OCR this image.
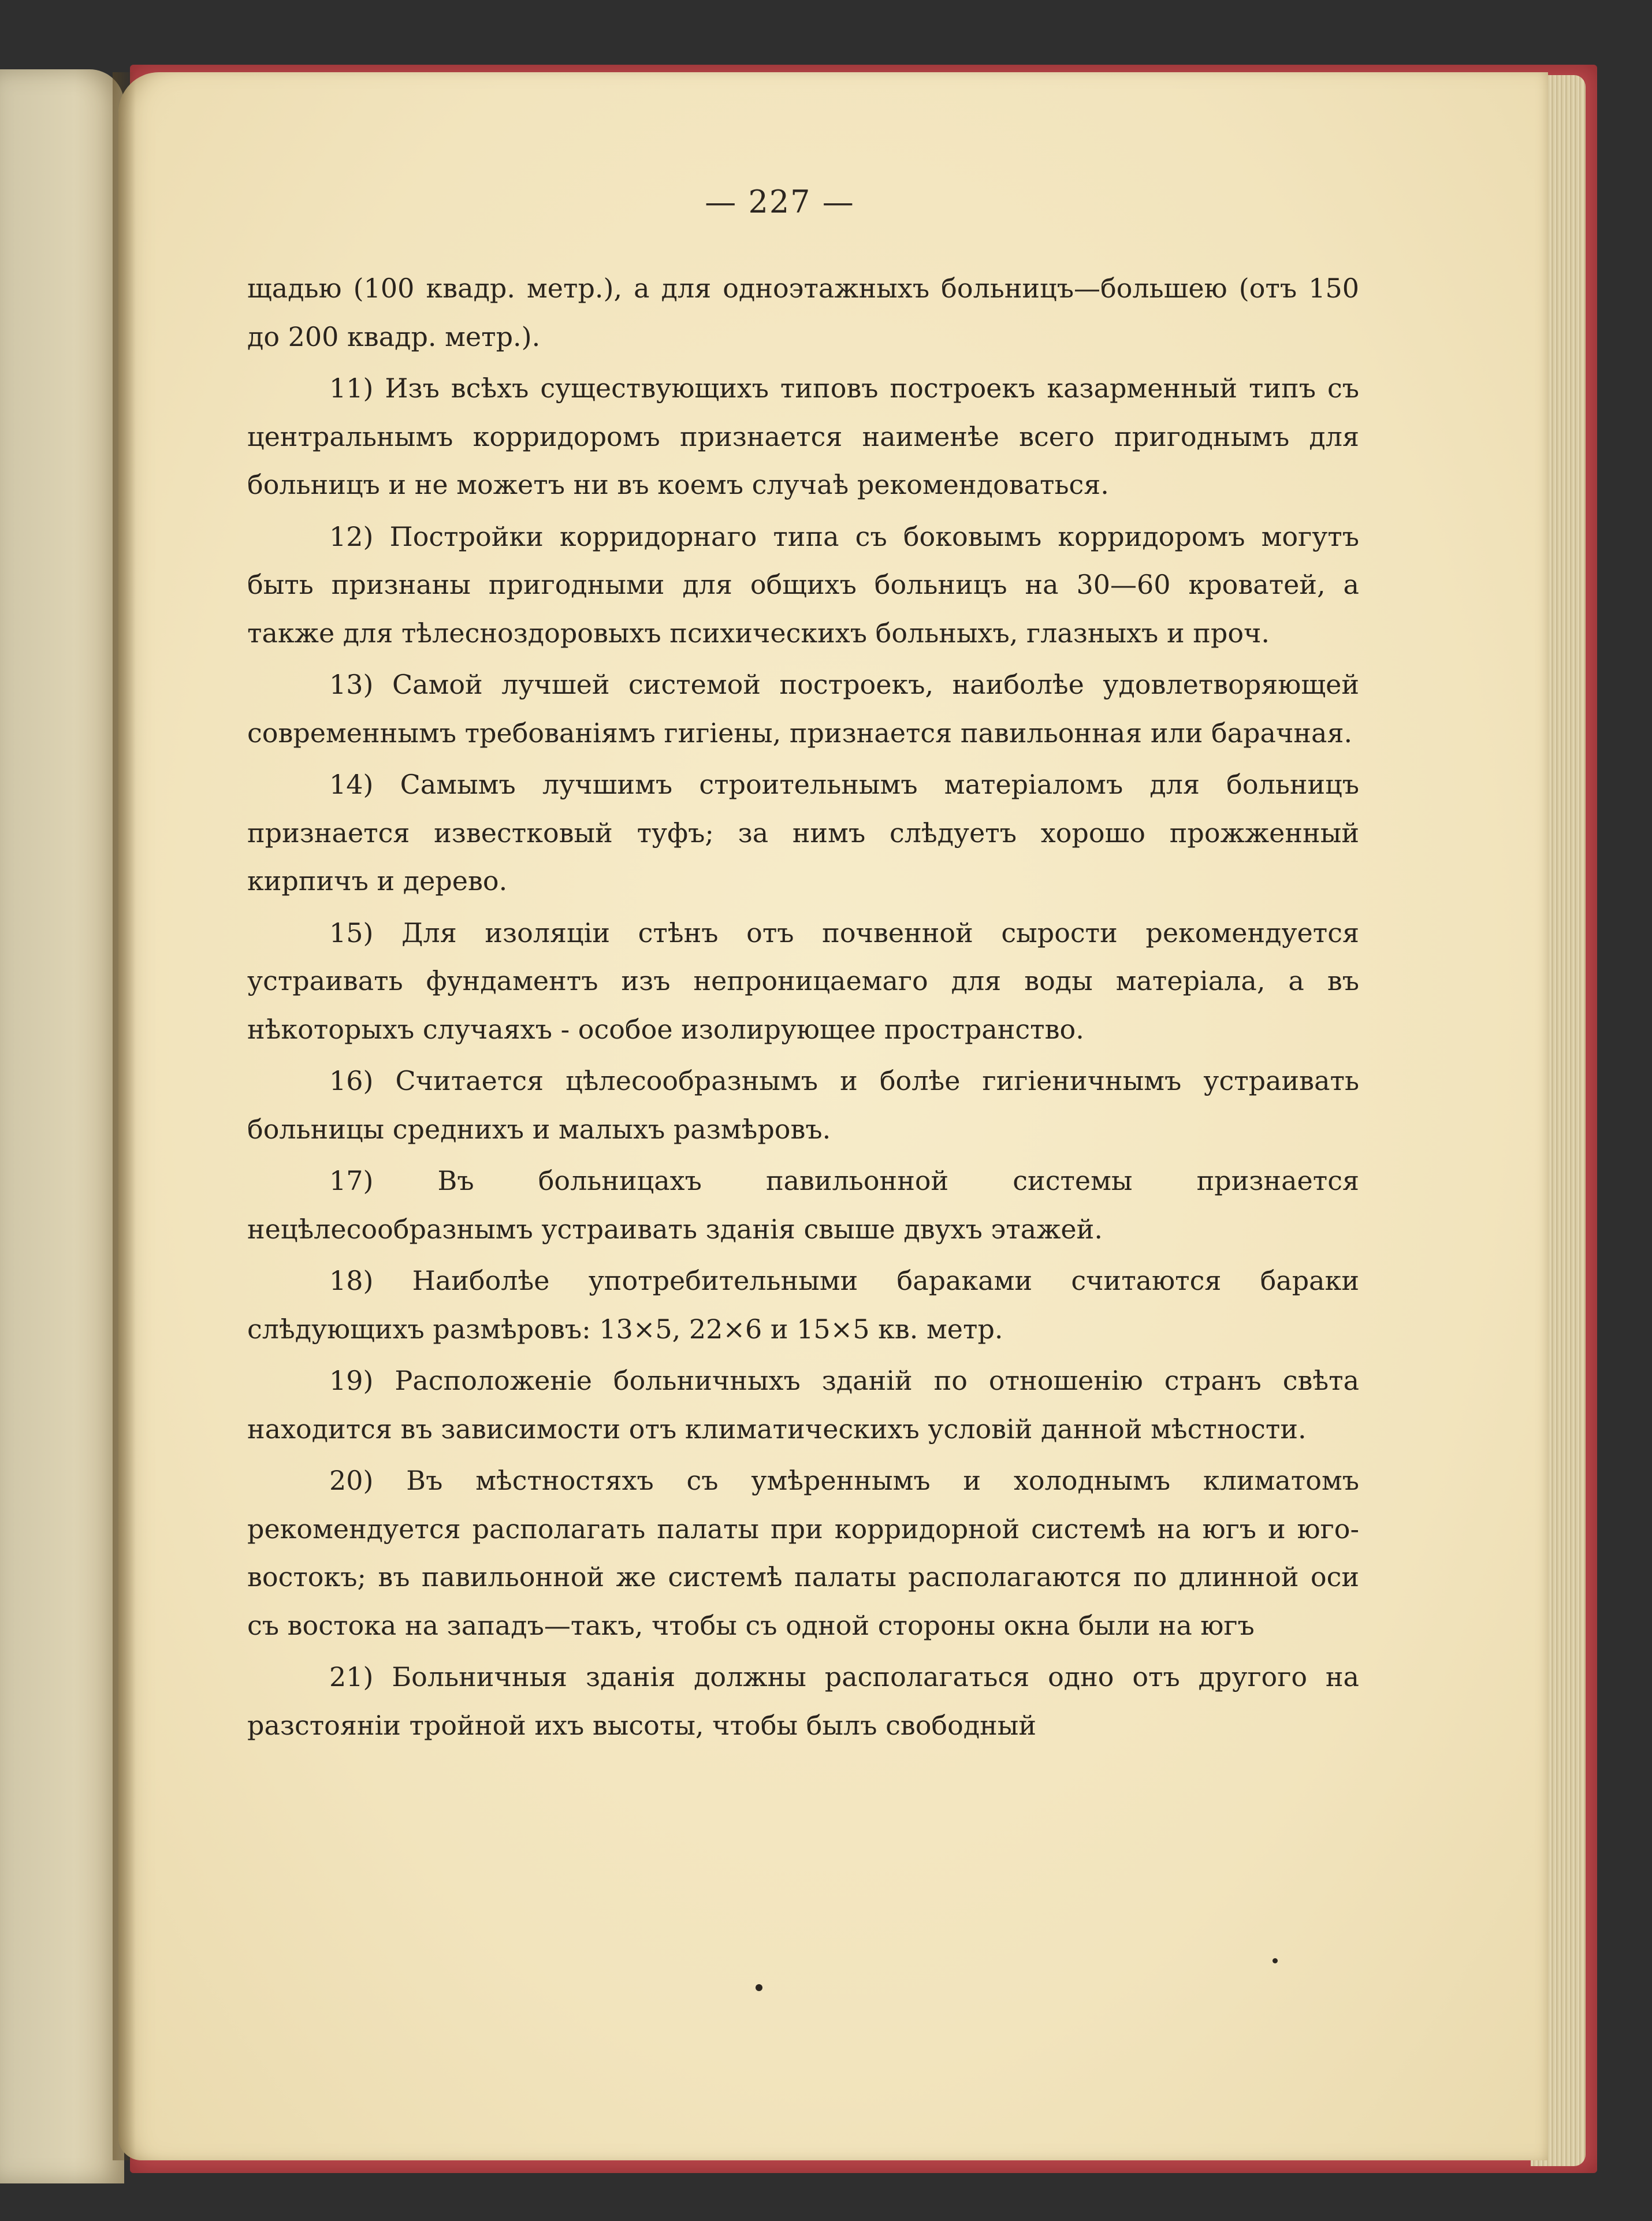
— 227 —

щадью (100 квадр. метр.), а для одноэтажныхъ больницъ—большею (отъ 150 до 200 квадр. метр.).

11) Изъ всѣхъ существующихъ типовъ построекъ казарменный типъ съ центральнымъ корридоромъ признается наименѣе всего пригоднымъ для больницъ и не можетъ ни въ коемъ случаѣ рекомендоваться.

12) Постройки корридорнаго типа съ боковымъ корридоромъ могутъ быть признаны пригодными для общихъ больницъ на 30—60 кроватей, а также для тѣлеснoздоровыхъ психическихъ больныхъ, глазныхъ и проч.

13) Самой лучшей системой построекъ, наиболѣе удовлетворяющей современнымъ требованіямъ гигiены, признается павильонная или барачная.

14) Самымъ лучшимъ строительнымъ матеріаломъ для больницъ признается известковый туфъ; за нимъ слѣдуетъ хорошо прожженный кирпичъ и дерево.

15) Для изоляціи стѣнъ отъ почвенной сырости рекомендуется устраивать фундаментъ изъ непроницаемаго для воды матеріала, а въ нѣкоторыхъ случаяхъ - особое изолирующее пространство.

16) Считается цѣлесообразнымъ и болѣе гигіеничнымъ устраивать больницы среднихъ и малыхъ размѣровъ.

17) Въ больницахъ павильонной системы признается нецѣлесообразнымъ устраивать зданія свыше двухъ этажей.

18) Наиболѣе употребительными бараками считаются бараки слѣдующихъ размѣровъ: 13×5, 22×6 и 15×5 кв. метр.

19) Расположеніе больничныхъ зданій по отношенію странъ свѣта находится въ зависимости отъ климатическихъ условій данной мѣстности.

20) Въ мѣстностяхъ съ умѣреннымъ и холоднымъ климатомъ рекомендуется располагать палаты при корридорной системѣ на югъ и юго-востокъ; въ павильонной же системѣ палаты располагаются по длинной оси съ востока на западъ—такъ, чтобы съ одной стороны окна были на югъ

21) Больничныя зданія должны располагаться одно отъ другого на разстояніи тройной ихъ высоты, чтобы былъ свободный
